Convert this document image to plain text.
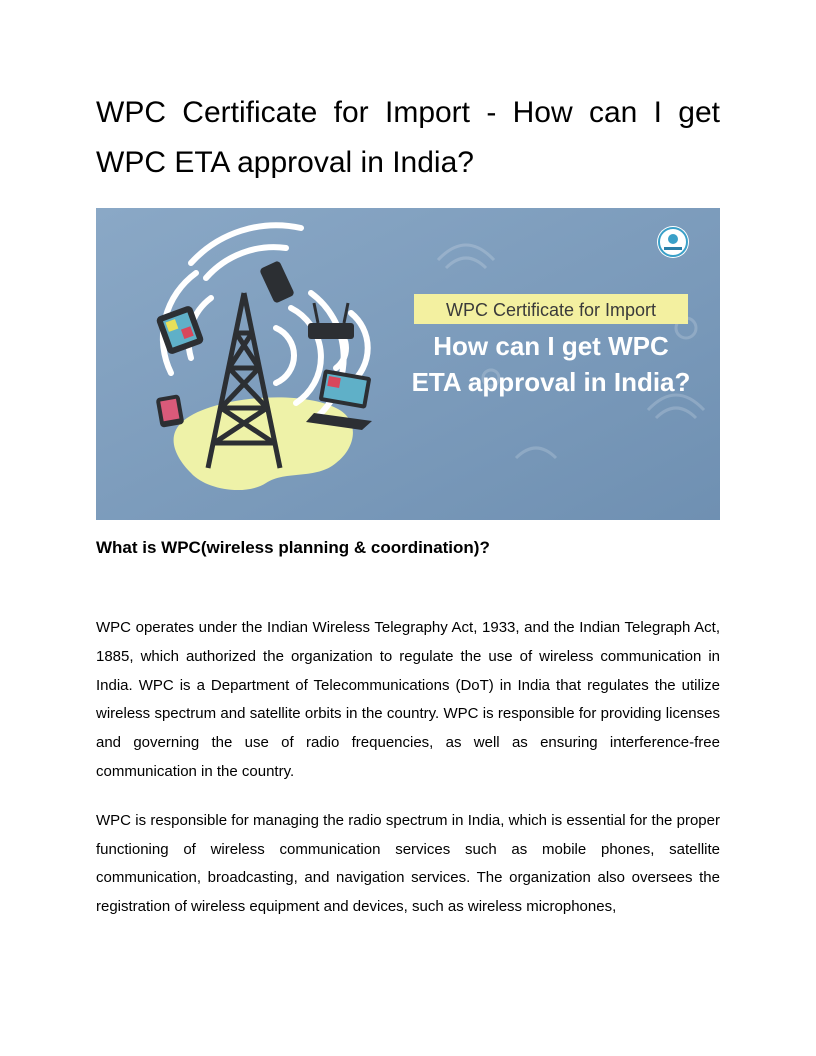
WPC Certificate for Import - How can I get WPC ETA approval in India?
WPC Certificate for Import
How can I get WPC
ETA approval in India?
What is WPC(wireless planning & coordination)?

WPC operates under the Indian Wireless Telegraphy Act, 1933, and the Indian Telegraph Act, 1885, which authorized the organization to regulate the use of wireless communication in India. WPC is a Department of Telecommunications (DoT) in India that regulates the utilize wireless spectrum and satellite orbits in the country. WPC is responsible for providing licenses and governing the use of radio frequencies, as well as ensuring interference-free communication in the country.

WPC is responsible for managing the radio spectrum in India, which is essential for the proper functioning of wireless communication services such as mobile phones, satellite communication, broadcasting, and navigation services. The organization also oversees the registration of wireless equipment and devices, such as wireless microphones,
